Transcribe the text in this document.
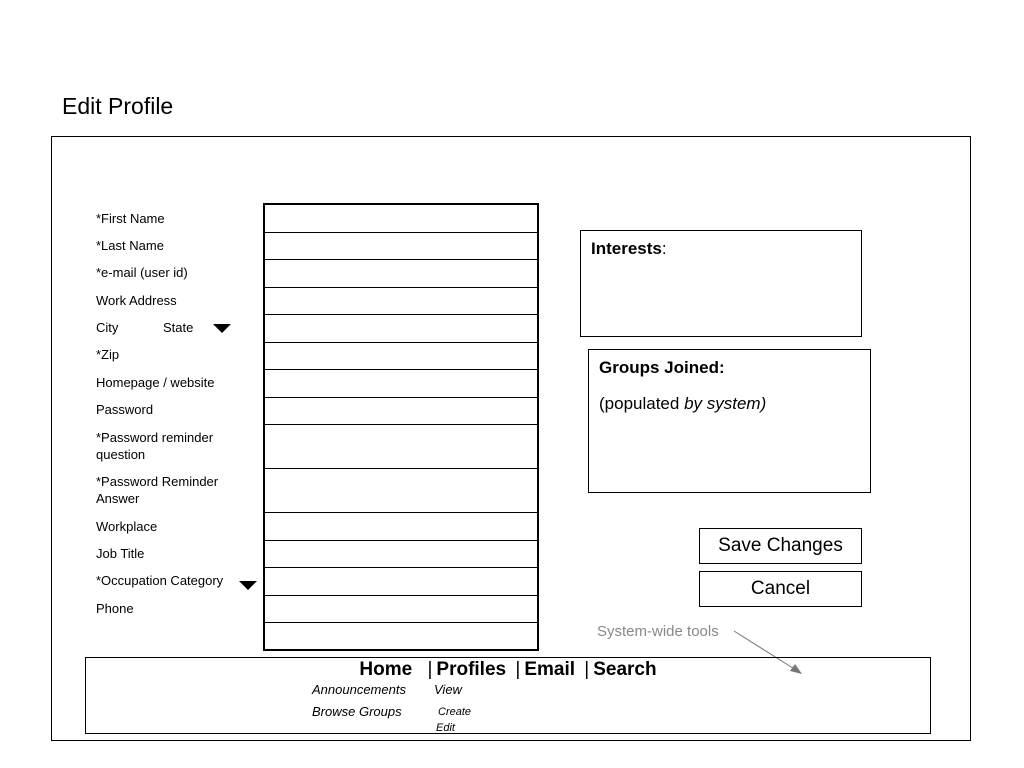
Edit Profile
*First Name
*Last Name
*e-mail (user id)
Work Address
City	State
*Zip
Homepage / website
Password
*Password reminder
question
*Password Reminder
Answer
Workplace
Job Title
*Occupation Category
Phone
Interests:
Groups Joined:
(populated by system)
Save Changes
Cancel
System-wide tools
Home | Profiles | Email | Search
Announcements View
Browse Groups	Create
Edit
